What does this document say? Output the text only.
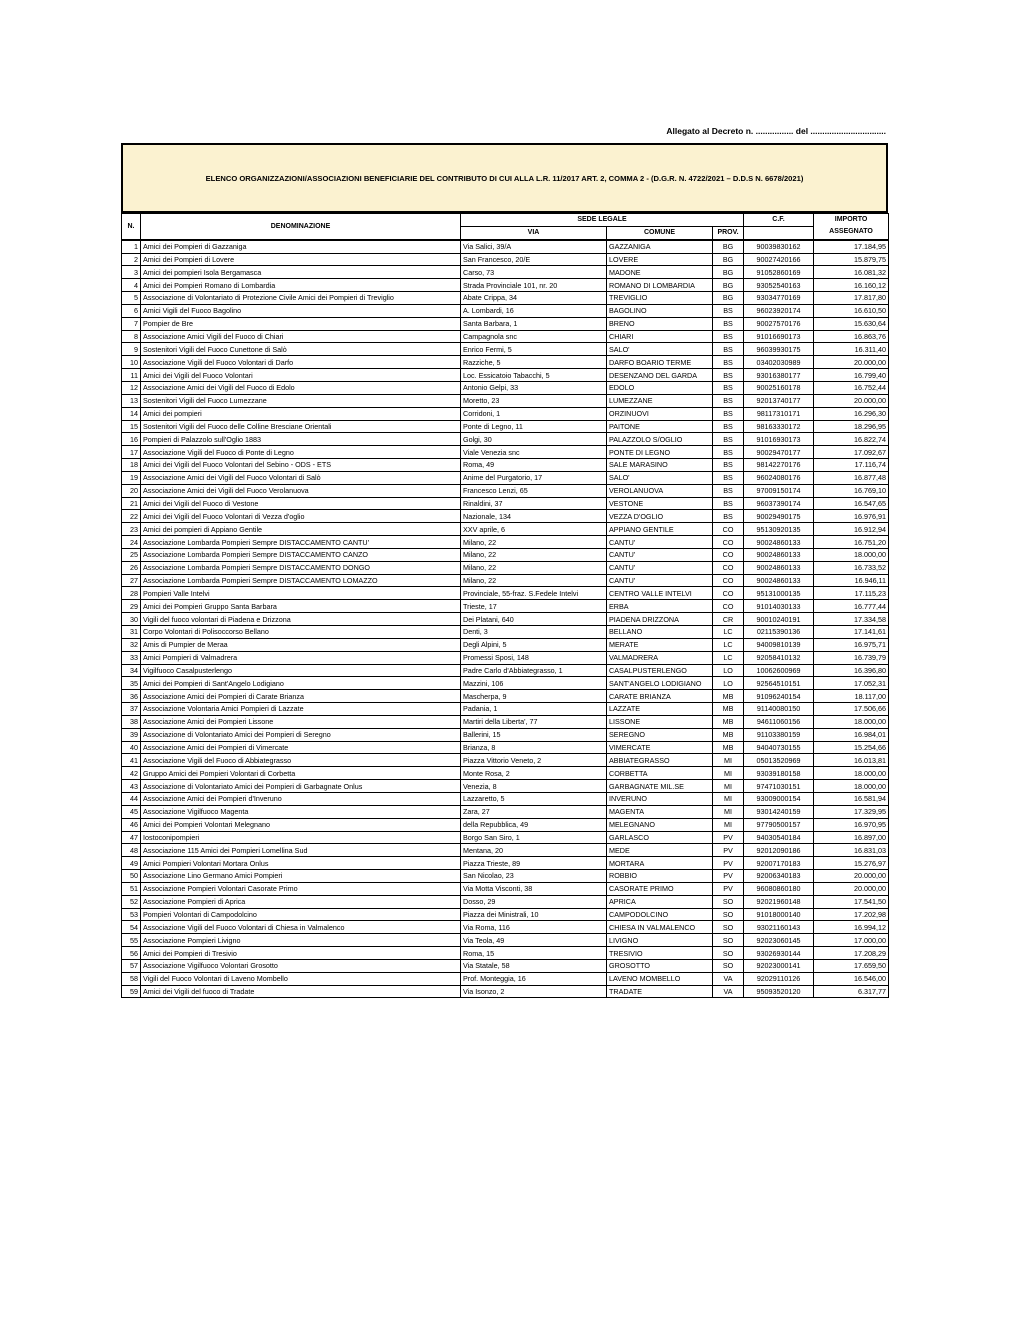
Allegato al Decreto n. ................ del ................................
ELENCO ORGANIZZAZIONI/ASSOCIAZIONI BENEFICIARIE DEL CONTRIBUTO DI CUI ALLA L.R. 11/2017 ART. 2, COMMA 2 - (D.G.R. N. 4722/2021 – D.D.S N. 6678/2021)
N.	DENOMINAZIONE	SEDE LEGALE			C.F.	IMPORTO ASSEGNATO
		VIA	COMUNE	PROV.		
1	Amici dei Pompieri di Gazzaniga	Via Salici, 39/A	GAZZANIGA	BG	90039830162	17.184,95
2	Amici dei Pompieri di Lovere	San Francesco, 20/E	LOVERE	BG	90027420166	15.879,75
3	Amici dei pompieri Isola Bergamasca	Carso, 73	MADONE	BG	91052860169	16.081,32
4	Amici dei Pompieri Romano di Lombardia	Strada Provinciale 101, nr. 20	ROMANO DI LOMBARDIA	BG	93052540163	16.160,12
5	Associazione di Volontariato di Protezione Civile Amici dei Pompieri di Treviglio	Abate Crippa, 34	TREVIGLIO	BG	93034770169	17.817,80
6	Amici Vigili del Fuoco Bagolino	A. Lombardi, 16	BAGOLINO	BS	96023920174	16.610,50
7	Pompier de Bre	Santa Barbara, 1	BRENO	BS	90027570176	15.630,64
8	Associazione Amici Vigili del Fuoco di Chiari	Campagnola snc	CHIARI	BS	91016690173	16.863,76
9	Sostenitori Vigili del Fuoco Cunettone di Salò	Enrico Fermi, 5	SALO'	BS	96039930175	16.311,40
10	Associazione Vigili del Fuoco Volontari di Darfo	Razziche, 5	DARFO BOARIO TERME	BS	03402030989	20.000,00
11	Amici dei Vigili del Fuoco Volontari	Loc. Essicatoio Tabacchi, 5	DESENZANO DEL GARDA	BS	93016380177	16.799,40
12	Associazione Amici dei Vigili del Fuoco di Edolo	Antonio Gelpi, 33	EDOLO	BS	90025160178	16.752,44
13	Sostenitori Vigili del Fuoco Lumezzane	Moretto, 23	LUMEZZANE	BS	92013740177	20.000,00
14	Amici dei pompieri	Corridoni, 1	ORZINUOVI	BS	98117310171	16.296,30
15	Sostenitori Vigili del Fuoco delle Colline Bresciane Orientali	Ponte di Legno, 11	PAITONE	BS	98163330172	18.296,95
16	Pompieri di Palazzolo sull'Oglio 1883	Golgi, 30	PALAZZOLO S/OGLIO	BS	91016930173	16.822,74
17	Associazione Vigili del Fuoco di Ponte di Legno	Viale Venezia snc	PONTE DI LEGNO	BS	90029470177	17.092,67
18	Amici dei Vigili del Fuoco Volontari del Sebino - ODS - ETS	Roma, 49	SALE MARASINO	BS	98142270176	17.116,74
19	Associazione Amici dei Vigili del Fuoco Volontari di Salò	Anime del Purgatorio, 17	SALO'	BS	96024080176	16.877,48
20	Associazione Amici dei Vigili del Fuoco Verolanuova	Francesco Lenzi, 65	VEROLANUOVA	BS	97009150174	16.769,10
21	Amici dei Vigili del Fuoco di Vestone	Rinaldini, 37	VESTONE	BS	96037390174	16.547,65
22	Amici dei Vigili del Fuoco Volontari di Vezza d'oglio	Nazionale, 134	VEZZA D'OGLIO	BS	90029490175	16.976,91
23	Amici dei pompieri di Appiano Gentile	XXV aprile, 6	APPIANO GENTILE	CO	95130920135	16.912,94
24	Associazione Lombarda Pompieri Sempre DISTACCAMENTO CANTU'	Milano, 22	CANTU'	CO	90024860133	16.751,20
25	Associazione Lombarda Pompieri Sempre DISTACCAMENTO CANZO	Milano, 22	CANTU'	CO	90024860133	18.000,00
26	Associazione Lombarda Pompieri Sempre DISTACCAMENTO DONGO	Milano, 22	CANTU'	CO	90024860133	16.733,52
27	Associazione Lombarda Pompieri Sempre DISTACCAMENTO LOMAZZO	Milano, 22	CANTU'	CO	90024860133	16.946,11
28	Pompieri Valle Intelvi	Provinciale, 55-fraz. S.Fedele Intelvi	CENTRO VALLE INTELVI	CO	95131000135	17.115,23
29	Amici dei Pompieri Gruppo Santa Barbara	Trieste, 17	ERBA	CO	91014030133	16.777,44
30	Vigili del fuoco volontari di Piadena e Drizzona	Dei Platani, 640	PIADENA DRIZZONA	CR	90010240191	17.334,58
31	Corpo Volontari di Polisoccorso Bellano	Denti, 3	BELLANO	LC	02115390136	17.141,61
32	Amis di Pumpier de Meraa	Degli Alpini, 5	MERATE	LC	94009810139	16.975,71
33	Amici Pompieri di Valmadrera	Promessi Sposi, 148	VALMADRERA	LC	92058410132	16.739,79
34	Vigilfuoco Casalpusterlengo	Padre Carlo d'Abbiategrasso, 1	CASALPUSTERLENGO	LO	10062600969	16.396,80
35	Amici dei Pompieri di Sant'Angelo Lodigiano	Mazzini, 106	SANT'ANGELO LODIGIANO	LO	92564510151	17.052,31
36	Associazione Amici dei Pompieri di Carate Brianza	Mascherpa, 9	CARATE BRIANZA	MB	91096240154	18.117,00
37	Associazione Volontaria Amici Pompieri di Lazzate	Padania, 1	LAZZATE	MB	91140080150	17.506,66
38	Associazione Amici dei Pompieri Lissone	Martiri della Liberta', 77	LISSONE	MB	94611060156	18.000,00
39	Associazione di Volontariato Amici dei Pompieri di Seregno	Ballerini, 15	SEREGNO	MB	91103380159	16.984,01
40	Associazione Amici dei Pompieri di Vimercate	Brianza, 8	VIMERCATE	MB	94040730155	15.254,66
41	Associazione Vigili del Fuoco di Abbiategrasso	Piazza Vittorio Veneto, 2	ABBIATEGRASSO	MI	05013520969	16.013,81
42	Gruppo Amici dei Pompieri Volontari di Corbetta	Monte Rosa, 2	CORBETTA	MI	93039180158	18.000,00
43	Associazione di Volontariato Amici dei Pompieri di Garbagnate Onlus	Venezia, 8	GARBAGNATE MIL.SE	MI	97471030151	18.000,00
44	Associazione Amici dei Pompieri d'Inveruno	Lazzaretto, 5	INVERUNO	MI	93009000154	16.581,94
45	Associazione Vigilfuoco Magenta	Zara, 27	MAGENTA	MI	93014240159	17.329,95
46	Amici dei Pompieri Volontari Melegnano	della Repubblica, 49	MELEGNANO	MI	97790500157	16.970,95
47	Iostoconipompieri	Borgo San Siro, 1	GARLASCO	PV	94030540184	16.897,00
48	Associazione 115 Amici dei Pompieri Lomellina Sud	Mentana, 20	MEDE	PV	92012090186	16.831,03
49	Amici Pompieri Volontari Mortara Onlus	Piazza Trieste, 89	MORTARA	PV	92007170183	15.276,97
50	Associazione Lino Germano Amici Pompieri	San Nicolao, 23	ROBBIO	PV	92006340183	20.000,00
51	Associazione Pompieri Volontari Casorate Primo	Via Motta Visconti, 38	CASORATE PRIMO	PV	96080860180	20.000,00
52	Associazione Pompieri di Aprica	Dosso, 29	APRICA	SO	92021960148	17.541,50
53	Pompieri Volontari di Campodolcino	Piazza dei Ministrali, 10	CAMPODOLCINO	SO	91018000140	17.202,98
54	Associazione Vigili del Fuoco Volontari di Chiesa in Valmalenco	Via Roma, 116	CHIESA IN VALMALENCO	SO	93021160143	16.994,12
55	Associazione Pompieri Livigno	Via Teola, 49	LIVIGNO	SO	92023060145	17.000,00
56	Amici dei Pompieri di Tresivio	Roma, 15	TRESIVIO	SO	93026930144	17.208,29
57	Associazione Vigilfuoco Volontari Grosotto	Via Statale, 58	GROSOTTO	SO	92023000141	17.659,50
58	Vigili del Fuoco Volontari di Laveno Mombello	Prof. Monteggia, 16	LAVENO MOMBELLO	VA	92029110126	16.546,00
59	Amici dei Vigili del fuoco di Tradate	Via Isonzo, 2	TRADATE	VA	95093520120	6.317,77
